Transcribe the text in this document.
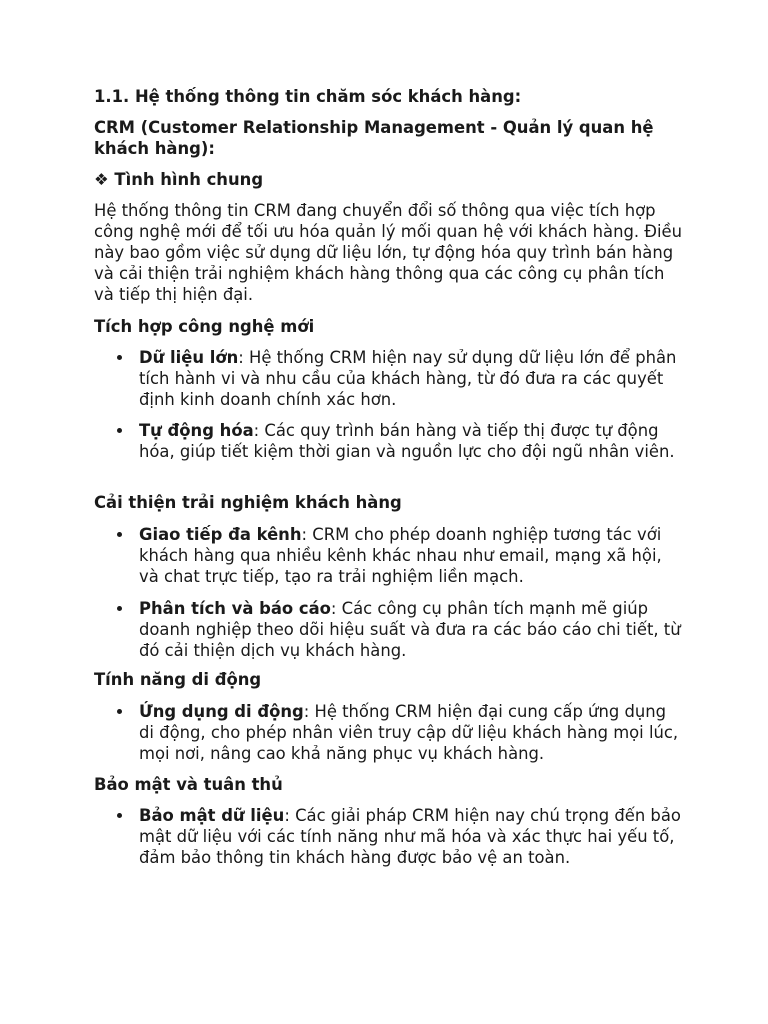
1.1. Hệ thống thông tin chăm sóc khách hàng:

CRM (Customer Relationship Management - Quản lý quan hệ khách hàng):

❖ Tình hình chung

Hệ thống thông tin CRM đang chuyển đổi số thông qua việc tích hợp công nghệ mới để tối ưu hóa quản lý mối quan hệ với khách hàng. Điều này bao gồm việc sử dụng dữ liệu lớn, tự động hóa quy trình bán hàng và cải thiện trải nghiệm khách hàng thông qua các công cụ phân tích và tiếp thị hiện đại.

Tích hợp công nghệ mới

Dữ liệu lớn: Hệ thống CRM hiện nay sử dụng dữ liệu lớn để phân tích hành vi và nhu cầu của khách hàng, từ đó đưa ra các quyết định kinh doanh chính xác hơn.

Tự động hóa: Các quy trình bán hàng và tiếp thị được tự động hóa, giúp tiết kiệm thời gian và nguồn lực cho đội ngũ nhân viên.

Cải thiện trải nghiệm khách hàng

Giao tiếp đa kênh: CRM cho phép doanh nghiệp tương tác với khách hàng qua nhiều kênh khác nhau như email, mạng xã hội, và chat trực tiếp, tạo ra trải nghiệm liền mạch.

Phân tích và báo cáo: Các công cụ phân tích mạnh mẽ giúp doanh nghiệp theo dõi hiệu suất và đưa ra các báo cáo chi tiết, từ đó cải thiện dịch vụ khách hàng.

Tính năng di động

Ứng dụng di động: Hệ thống CRM hiện đại cung cấp ứng dụng di động, cho phép nhân viên truy cập dữ liệu khách hàng mọi lúc, mọi nơi, nâng cao khả năng phục vụ khách hàng.

Bảo mật và tuân thủ

Bảo mật dữ liệu: Các giải pháp CRM hiện nay chú trọng đến bảo mật dữ liệu với các tính năng như mã hóa và xác thực hai yếu tố, đảm bảo thông tin khách hàng được bảo vệ an toàn.
